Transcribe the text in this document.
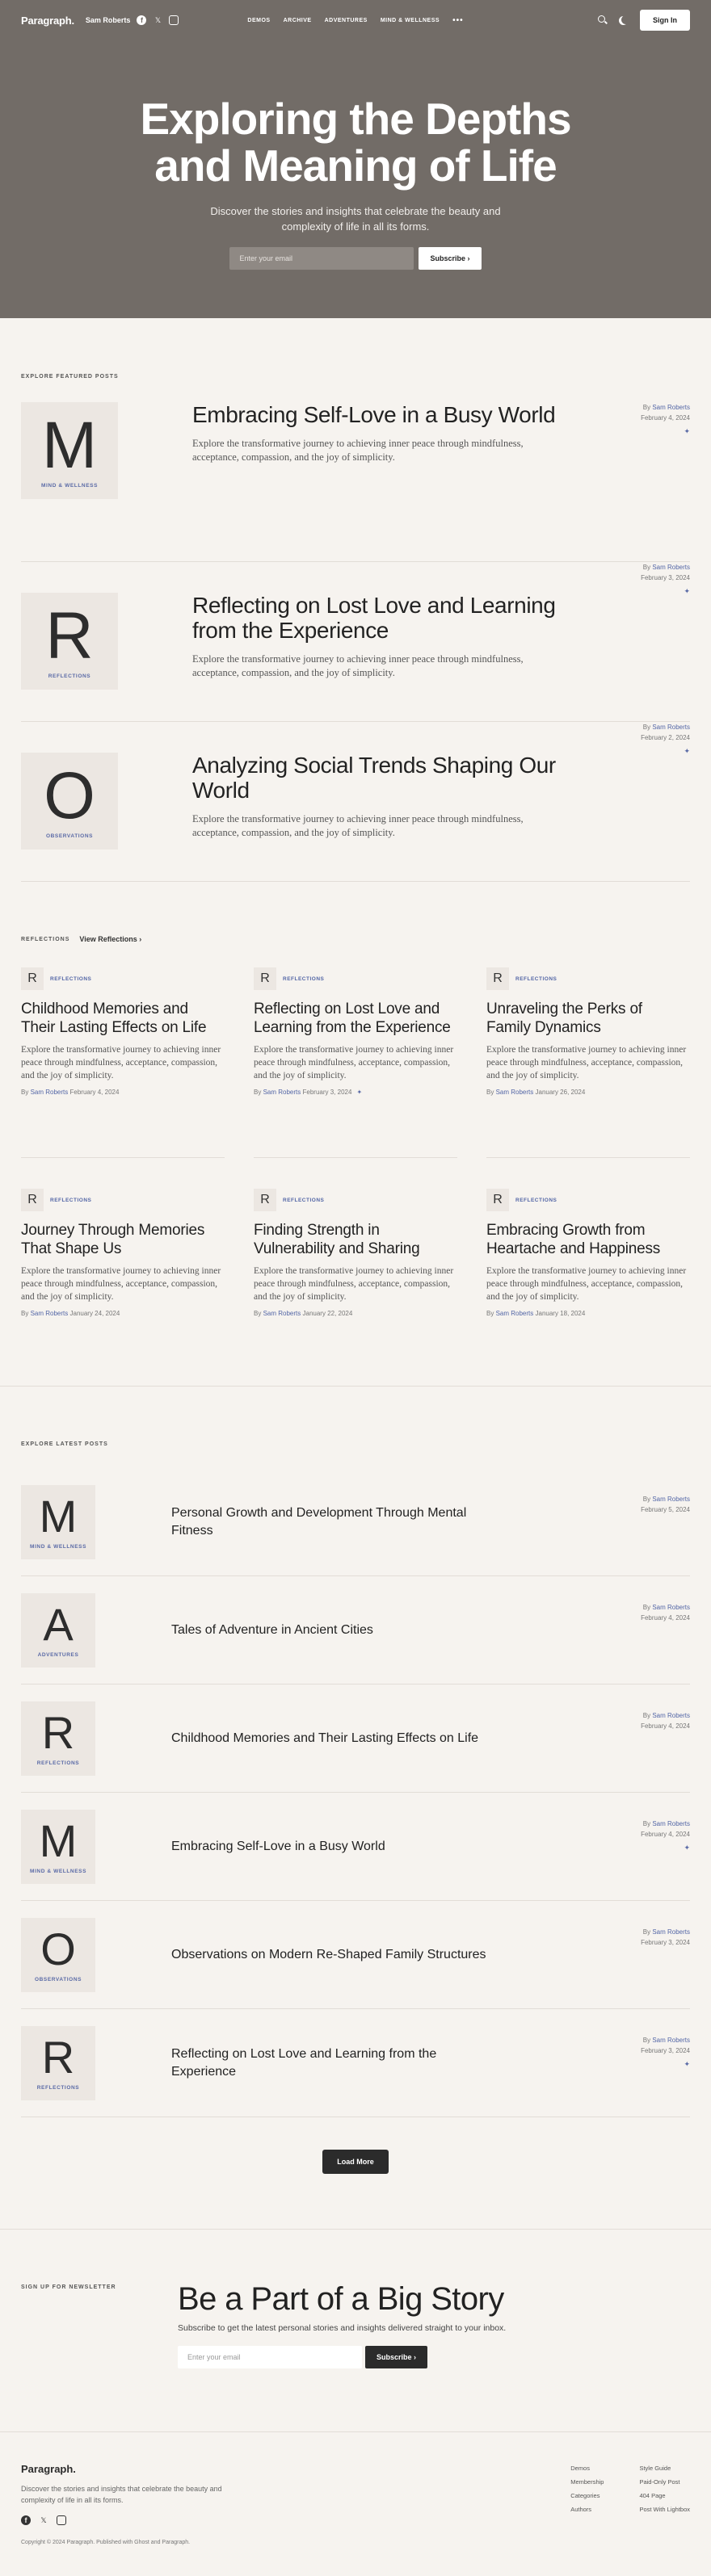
Paragraph. Sam Roberts	f	𝕏	DEMOS ARCHIVE ADVENTURES MIND & WELLNESS •••	Sign In
Exploring the Depths and Meaning of Life

Discover the stories and insights that celebrate the beauty and complexity of life in all its forms.

Enter your email	Subscribe ›
EXPLORE FEATURED POSTS
M
MIND & WELLNESS
Embracing Self-Love in a Busy World

Explore the transformative journey to achieving inner peace through mindfulness, acceptance, compassion, and the joy of simplicity.

By Sam Roberts
February 4, 2024
✦
R
REFLECTIONS
Reflecting on Lost Love and Learning from the Experience

Explore the transformative journey to achieving inner peace through mindfulness, acceptance, compassion, and the joy of simplicity.

By Sam Roberts
February 3, 2024
✦
O
OBSERVATIONS
Analyzing Social Trends Shaping Our World

Explore the transformative journey to achieving inner peace through mindfulness, acceptance, compassion, and the joy of simplicity.

By Sam Roberts
February 2, 2024
✦
REFLECTIONS View Reflections ›
R	REFLECTIONS
Childhood Memories and Their Lasting Effects on Life

Explore the transformative journey to achieving inner peace through mindfulness, acceptance, compassion, and the joy of simplicity.

By Sam Roberts February 4, 2024
R	REFLECTIONS
Reflecting on Lost Love and Learning from the Experience

Explore the transformative journey to achieving inner peace through mindfulness, acceptance, compassion, and the joy of simplicity.

By Sam Roberts February 3, 2024 ✦
R	REFLECTIONS
Unraveling the Perks of Family Dynamics

Explore the transformative journey to achieving inner peace through mindfulness, acceptance, compassion, and the joy of simplicity.

By Sam Roberts January 26, 2024
R	REFLECTIONS
Journey Through Memories That Shape Us

Explore the transformative journey to achieving inner peace through mindfulness, acceptance, compassion, and the joy of simplicity.

By Sam Roberts January 24, 2024
R	REFLECTIONS
Finding Strength in Vulnerability and Sharing

Explore the transformative journey to achieving inner peace through mindfulness, acceptance, compassion, and the joy of simplicity.

By Sam Roberts January 22, 2024
R	REFLECTIONS
Embracing Growth from Heartache and Happiness

Explore the transformative journey to achieving inner peace through mindfulness, acceptance, compassion, and the joy of simplicity.

By Sam Roberts January 18, 2024
EXPLORE LATEST POSTS
M
MIND & WELLNESS
Personal Growth and Development Through Mental Fitness
By Sam Roberts
February 5, 2024
A
ADVENTURES
Tales of Adventure in Ancient Cities
By Sam Roberts
February 4, 2024
R
REFLECTIONS
Childhood Memories and Their Lasting Effects on Life
By Sam Roberts
February 4, 2024
M
MIND & WELLNESS
Embracing Self-Love in a Busy World
By Sam Roberts
February 4, 2024
✦
O
OBSERVATIONS
Observations on Modern Re-Shaped Family Structures
By Sam Roberts
February 3, 2024
R
REFLECTIONS
Reflecting on Lost Love and Learning from the Experience
By Sam Roberts
February 3, 2024
✦
Load More
SIGN UP FOR NEWSLETTER Be a Part of a Big Story

Subscribe to get the latest personal stories and insights delivered straight to your inbox.

Enter your email	Subscribe ›
Paragraph.
Discover the stories and insights that celebrate the beauty and complexity of life in all its forms.
f	𝕏
Copyright © 2024 Paragraph. Published with Ghost and Paragraph.
Demos
Membership
Categories
Authors
Style Guide
Paid-Only Post
404 Page
Post With Lightbox
